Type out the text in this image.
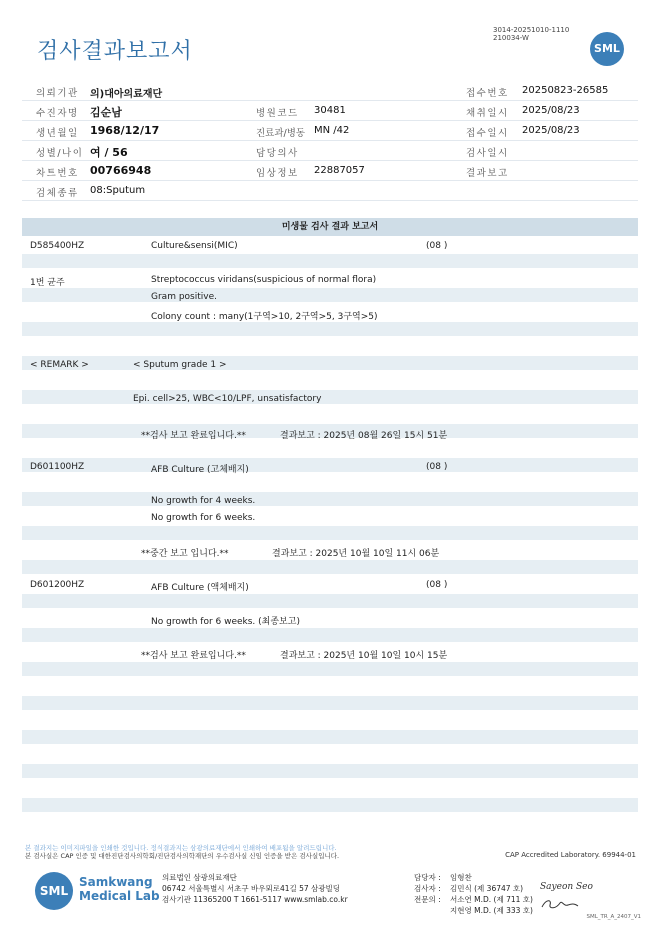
검사결과보고서
3014-20251010-1110
210034-W
SML
의뢰기관 의)대아의료재단	접수번호 20250823-26585
수진자명 김순남	병원코드 30481	채취일시 2025/08/23
생년월일 1968/12/17	진료과/병동 MN /42	접수일시 2025/08/23
성별/나이 여 / 56	담당의사	검사일시
차트번호 00766948	임상정보 22887057	결과보고
검체종류 08:Sputum
미생물 검사 결과 보고서
D585400HZ	Culture&sensi(MIC)	(08 )
1번 균주	Streptococcus viridans(suspicious of normal flora)
Gram positive.
Colony count : many(1구역>10, 2구역>5, 3구역>5)
< REMARK >	< Sputum grade 1 >
Epi. cell>25, WBC<10/LPF, unsatisfactory
**검사 보고 완료입니다.**	결과보고 : 2025년 08월 26일 15시 51분
D601100HZ	AFB Culture (고체배지)	(08 )
No growth for 4 weeks.
No growth for 6 weeks.
**중간 보고 입니다.**	결과보고 : 2025년 10월 10일 11시 06분
D601200HZ	AFB Culture (액체배지)	(08 )
No growth for 6 weeks. (최종보고)
**검사 보고 완료입니다.**	결과보고 : 2025년 10월 10일 10시 15분
본 결과지는 이미지파일을 인쇄한 것입니다. 정식결과지는 삼광의료재단에서 인쇄하여 배포됨을 알려드립니다.
본 검사실은 CAP 인증 및 대한진단검사의학회/진단검사의학재단의 우수검사실 신임 인증을 받은 검사실입니다.	CAP Accredited Laboratory. 69944-01
SML
Samkwang
Medical Lab
의료법인 삼광의료재단
06742 서울특별시 서초구 바우뫼로41길 57 삼광빌딩
검사기관 11365200 T 1661-5117 www.smlab.co.kr
담당자 :
검사자 :
전문의 :
임형찬
김민식 (제 36747 호)
서소연 M.D. (제 711 호)
지현영 M.D. (제 333 호)
Sayeon Seo
SML_TR_A_2407_V1
